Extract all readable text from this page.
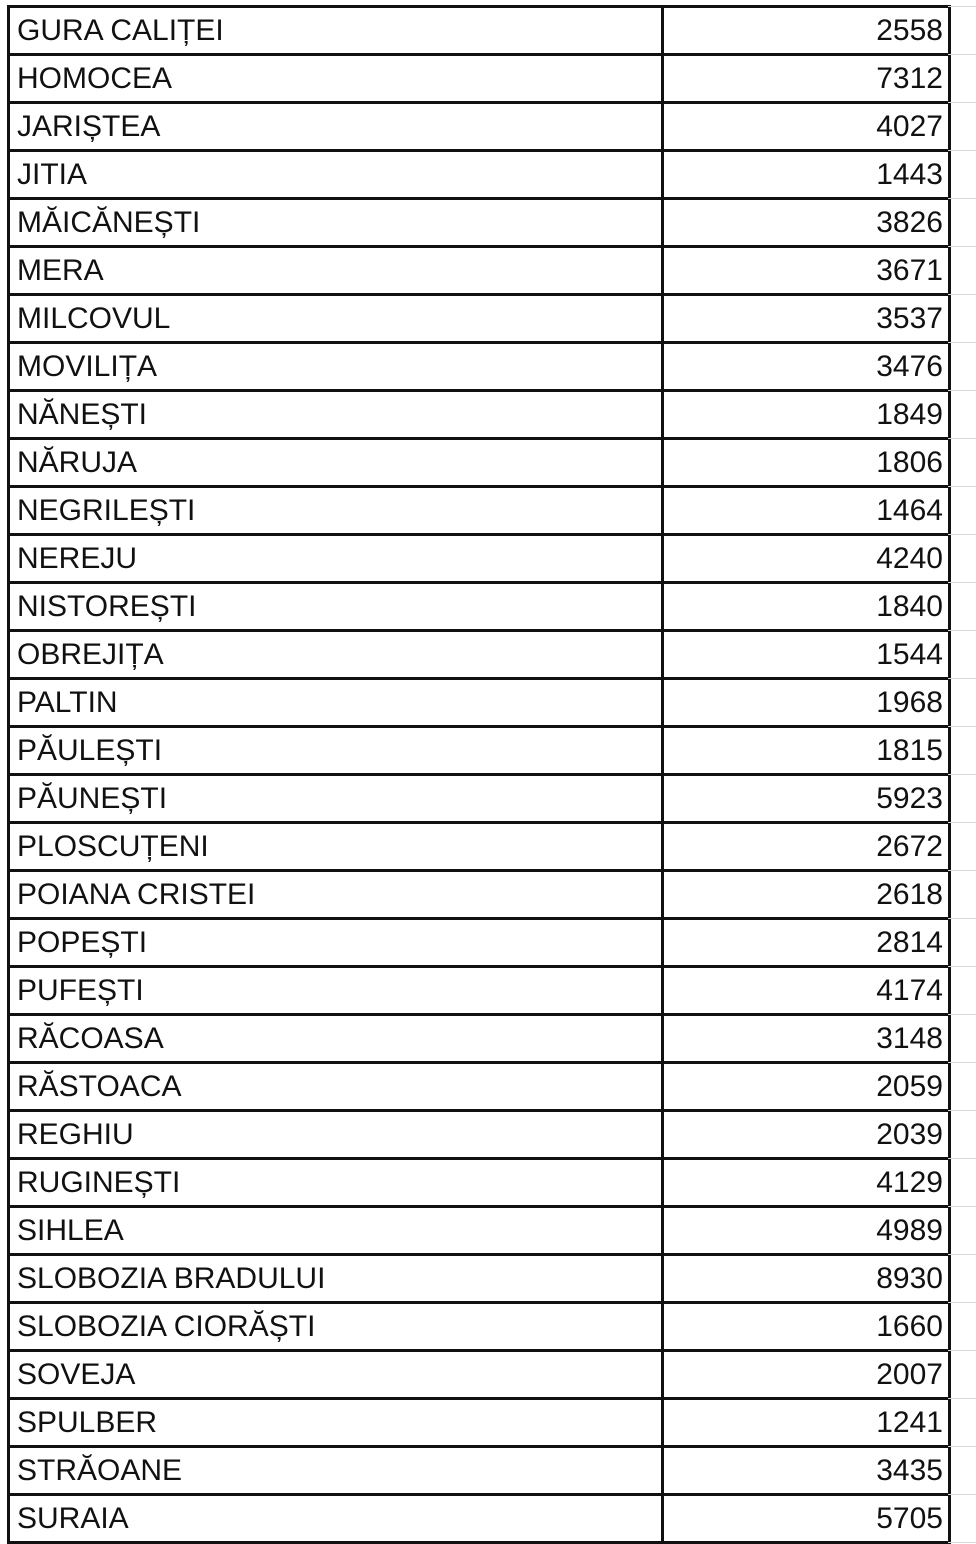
GURA CALIȚEI	2558
HOMOCEA	7312
JARIȘTEA	4027
JITIA	1443
MĂICĂNEȘTI	3826
MERA	3671
MILCOVUL	3537
MOVILIȚA	3476
NĂNEȘTI	1849
NĂRUJA	1806
NEGRILEȘTI	1464
NEREJU	4240
NISTOREȘTI	1840
OBREJIȚA	1544
PALTIN	1968
PĂULEȘTI	1815
PĂUNEȘTI	5923
PLOSCUȚENI	2672
POIANA CRISTEI	2618
POPEȘTI	2814
PUFEȘTI	4174
RĂCOASA	3148
RĂSTOACA	2059
REGHIU	2039
RUGINEȘTI	4129
SIHLEA	4989
SLOBOZIA BRADULUI	8930
SLOBOZIA CIORĂȘTI	1660
SOVEJA	2007
SPULBER	1241
STRĂOANE	3435
SURAIA	5705
